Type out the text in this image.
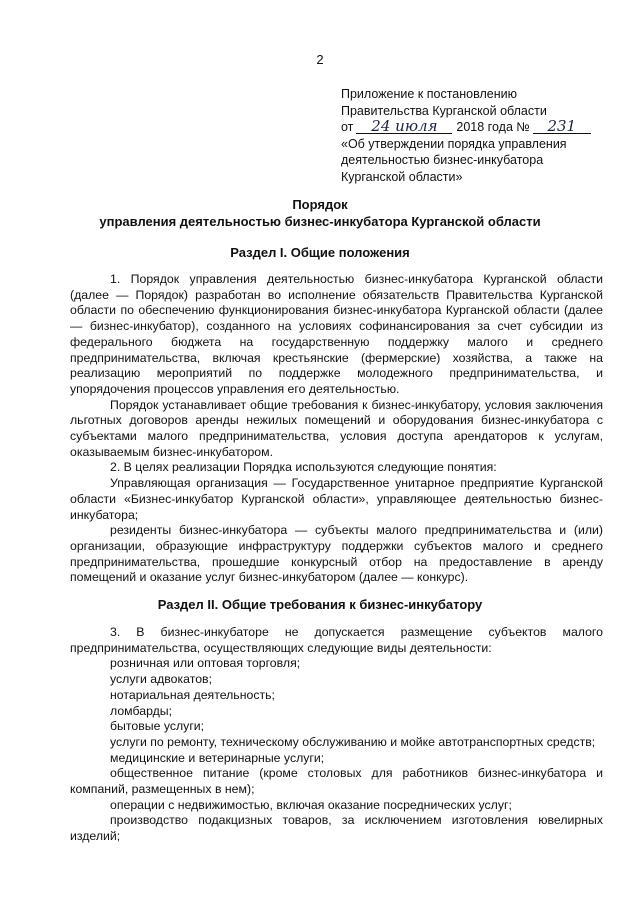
2
Приложение к постановлению
Правительства Курганской области
от 24 июля 2018 года № 231
«Об утверждении порядка управления
деятельностью бизнес-инкубатора
Курганской области»
Порядок
управления деятельностью бизнес-инкубатора Курганской области
Раздел I. Общие положения

1. Порядок управления деятельностью бизнес-инкубатора Курганской области (далее — Порядок) разработан во исполнение обязательств Правительства Курганской области по обеспечению функционирования бизнес-инкубатора Курганской области (далее — бизнес-инкубатор), созданного на условиях софинансирования за счет субсидии из федерального бюджета на государственную поддержку малого и среднего предпринимательства, включая крестьянские (фермерские) хозяйства, а также на реализацию мероприятий по поддержке молодежного предпринимательства, и упорядочения процессов управления его деятельностью.

Порядок устанавливает общие требования к бизнес-инкубатору, условия заключения льготных договоров аренды нежилых помещений и оборудования бизнес-инкубатора с субъектами малого предпринимательства, условия доступа арендаторов к услугам, оказываемым бизнес-инкубатором.

2. В целях реализации Порядка используются следующие понятия:

Управляющая организация — Государственное унитарное предприятие Курганской области «Бизнес-инкубатор Курганской области», управляющее деятельностью бизнес-инкубатора;

резиденты бизнес-инкубатора — субъекты малого предпринимательства и (или) организации, образующие инфраструктуру поддержки субъектов малого и среднего предпринимательства, прошедшие конкурсный отбор на предоставление в аренду помещений и оказание услуг бизнес-инкубатором (далее — конкурс).

Раздел II. Общие требования к бизнес-инкубатору

3. В бизнес-инкубаторе не допускается размещение субъектов малого предпринимательства, осуществляющих следующие виды деятельности:

розничная или оптовая торговля;

услуги адвокатов;

нотариальная деятельность;

ломбарды;

бытовые услуги;

услуги по ремонту, техническому обслуживанию и мойке автотранспортных средств;

медицинские и ветеринарные услуги;

общественное питание (кроме столовых для работников бизнес-инкубатора и компаний, размещенных в нем);

операции с недвижимостью, включая оказание посреднических услуг;

производство подакцизных товаров, за исключением изготовления ювелирных изделий;
